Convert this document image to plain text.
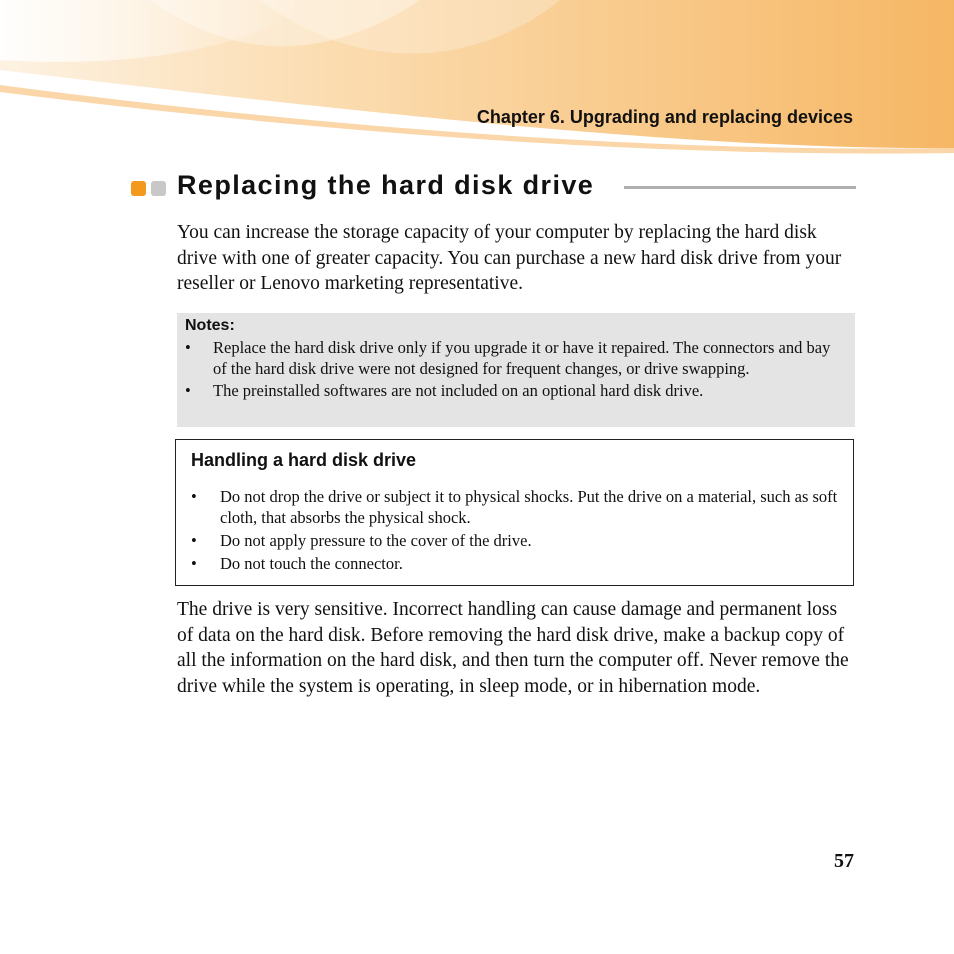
Chapter 6. Upgrading and replacing devices
Replacing the hard disk drive

You can increase the storage capacity of your computer by replacing the hard disk drive with one of greater capacity. You can purchase a new hard disk drive from your reseller or Lenovo marketing representative.

Notes:
• Replace the hard disk drive only if you upgrade it or have it repaired. The connectors and bay of the hard disk drive were not designed for frequent changes, or drive swapping.
• The preinstalled softwares are not included on an optional hard disk drive.
Handling a hard disk drive
• Do not drop the drive or subject it to physical shocks. Put the drive on a material, such as soft cloth, that absorbs the physical shock.
• Do not apply pressure to the cover of the drive.
• Do not touch the connector.

The drive is very sensitive. Incorrect handling can cause damage and permanent loss of data on the hard disk. Before removing the hard disk drive, make a backup copy of all the information on the hard disk, and then turn the computer off. Never remove the drive while the system is operating, in sleep mode, or in hibernation mode.

57
